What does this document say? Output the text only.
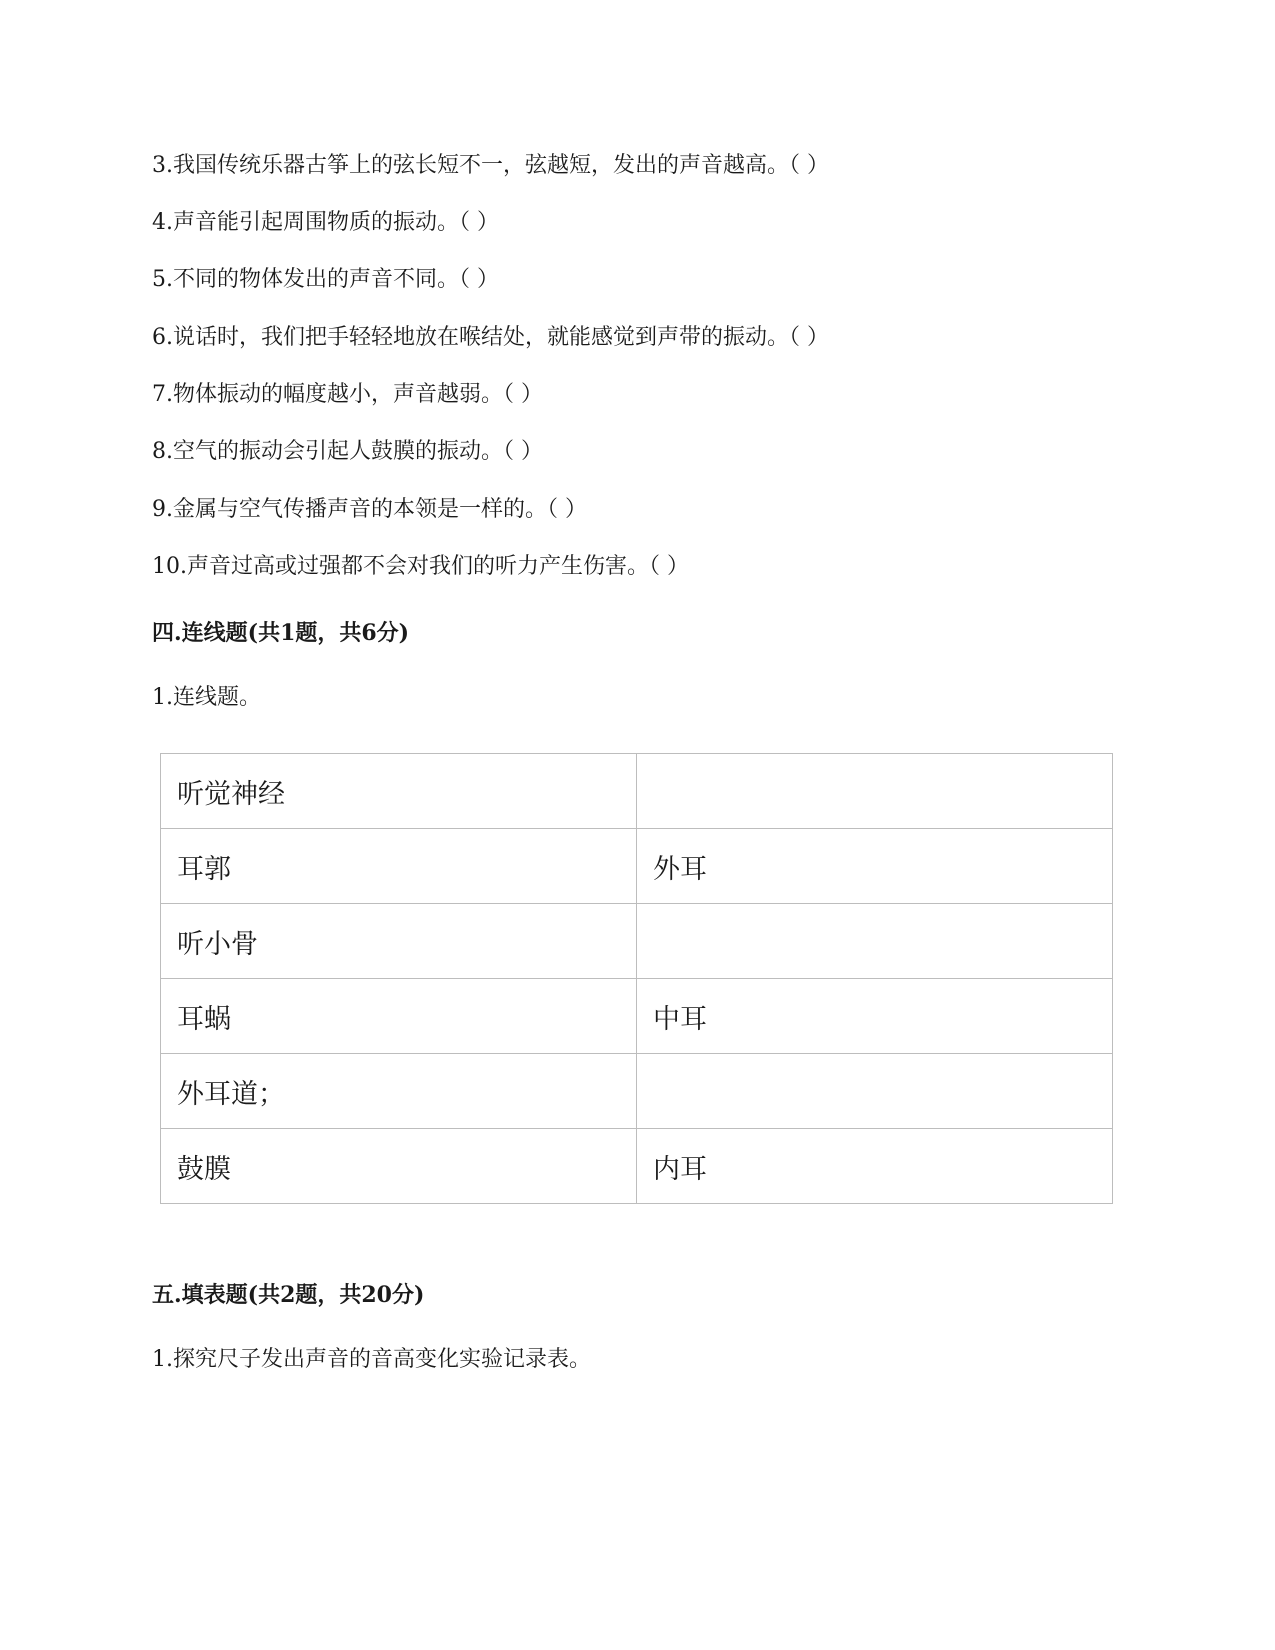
3.我国传统乐器古筝上的弦长短不一，弦越短，发出的声音越高。（ ）
4.声音能引起周围物质的振动。（ ）
5.不同的物体发出的声音不同。（ ）
6.说话时，我们把手轻轻地放在喉结处，就能感觉到声带的振动。（ ）
7.物体振动的幅度越小，声音越弱。（ ）
8.空气的振动会引起人鼓膜的振动。（ ）
9.金属与空气传播声音的本领是一样的。（ ）
10.声音过高或过强都不会对我们的听力产生伤害。（ ）
四.连线题(共1题，共6分)
1.连线题。
听觉神经	
耳郭	外耳
听小骨	
耳蜗	中耳
外耳道；	
鼓膜	内耳
五.填表题(共2题，共20分)
1.探究尺子发出声音的音高变化实验记录表。
